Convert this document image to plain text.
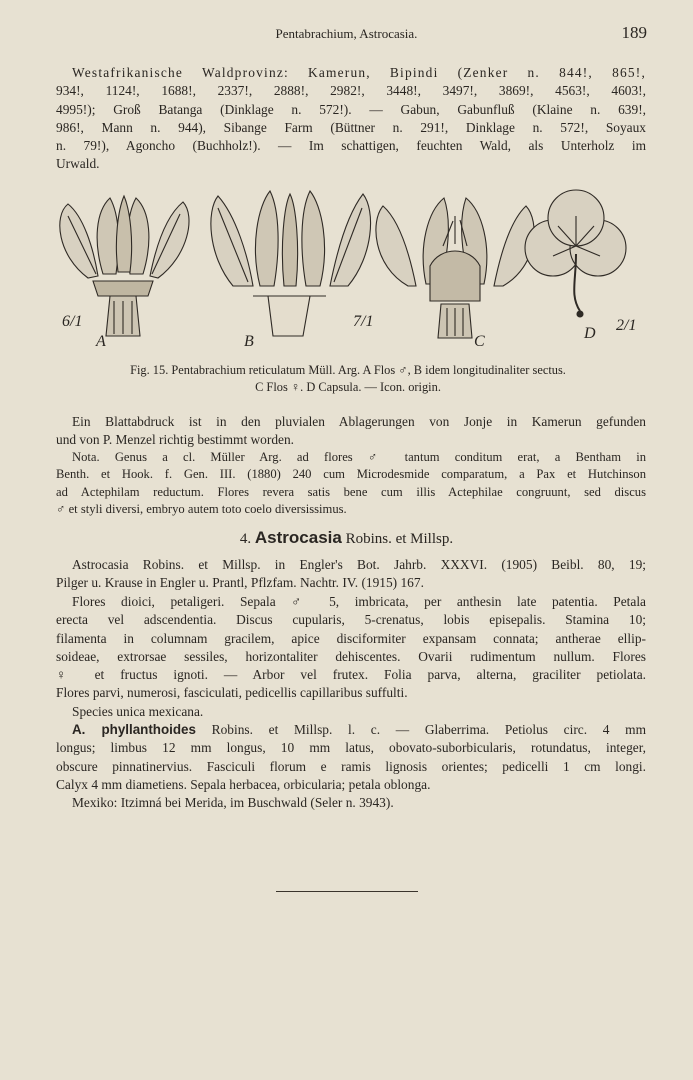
Pentabrachium, Astrocasia.	189
Westafrikanische Waldprovinz: Kamerun, Bipindi (Zenker n. 844!, 865!,
934!, 1124!, 1688!, 2337!, 2888!, 2982!, 3448!, 3497!, 3869!, 4563!, 4603!,
4995!); Groß Batanga (Dinklage n. 572!). — Gabun, Gabunfluß (Klaine n. 639!,
986!, Mann n. 944), Sibange Farm (Büttner n. 291!, Dinklage n. 572!, Soyaux
n. 79!), Agoncho (Buchholz!). — Im schattigen, feuchten Wald, als Unterholz im
Urwald.
6/1
A	B
7/1
C	D 2/1
Fig. 15. Pentabrachium reticulatum Müll. Arg. A Flos ♂, B idem longitudinaliter sectus.
C Flos ♀. D Capsula. — Icon. origin.
Ein Blattabdruck ist in den pluvialen Ablagerungen von Jonje in Kamerun gefunden
und von P. Menzel richtig bestimmt worden.
Nota. Genus a cl. Müller Arg. ad flores ♂ tantum conditum erat, a Bentham in
Benth. et Hook. f. Gen. III. (1880) 240 cum Microdesmide comparatum, a Pax et Hutchinson
ad Actephilam reductum. Flores revera satis bene cum illis Actephilae congruunt, sed discus
♂ et styli diversi, embryo autem toto coelo diversissimus.
4. Astrocasia Robins. et Millsp.
Astrocasia Robins. et Millsp. in Engler's Bot. Jahrb. XXXVI. (1905) Beibl. 80, 19;
Pilger u. Krause in Engler u. Prantl, Pflzfam. Nachtr. IV. (1915) 167.
Flores dioici, petaligeri. Sepala ♂ 5, imbricata, per anthesin late patentia. Petala
erecta vel adscendentia. Discus cupularis, 5-crenatus, lobis episepalis. Stamina 10;
filamenta in columnam gracilem, apice disciformiter expansam connata; antherae ellip-
soideae, extrorsae sessiles, horizontaliter dehiscentes. Ovarii rudimentum nullum. Flores
♀ et fructus ignoti. — Arbor vel frutex. Folia parva, alterna, graciliter petiolata.
Flores parvi, numerosi, fasciculati, pedicellis capillaribus suffulti.
Species unica mexicana.
A. phyllanthoides Robins. et Millsp. l. c. — Glaberrima. Petiolus circ. 4 mm
longus; limbus 12 mm longus, 10 mm latus, obovato-suborbicularis, rotundatus, integer,
obscure pinnatinervius. Fasciculi florum e ramis lignosis orientes; pedicelli 1 cm longi.
Calyx 4 mm diametiens. Sepala herbacea, orbicularia; petala oblonga.
Mexiko: Itzimná bei Merida, im Buschwald (Seler n. 3943).
